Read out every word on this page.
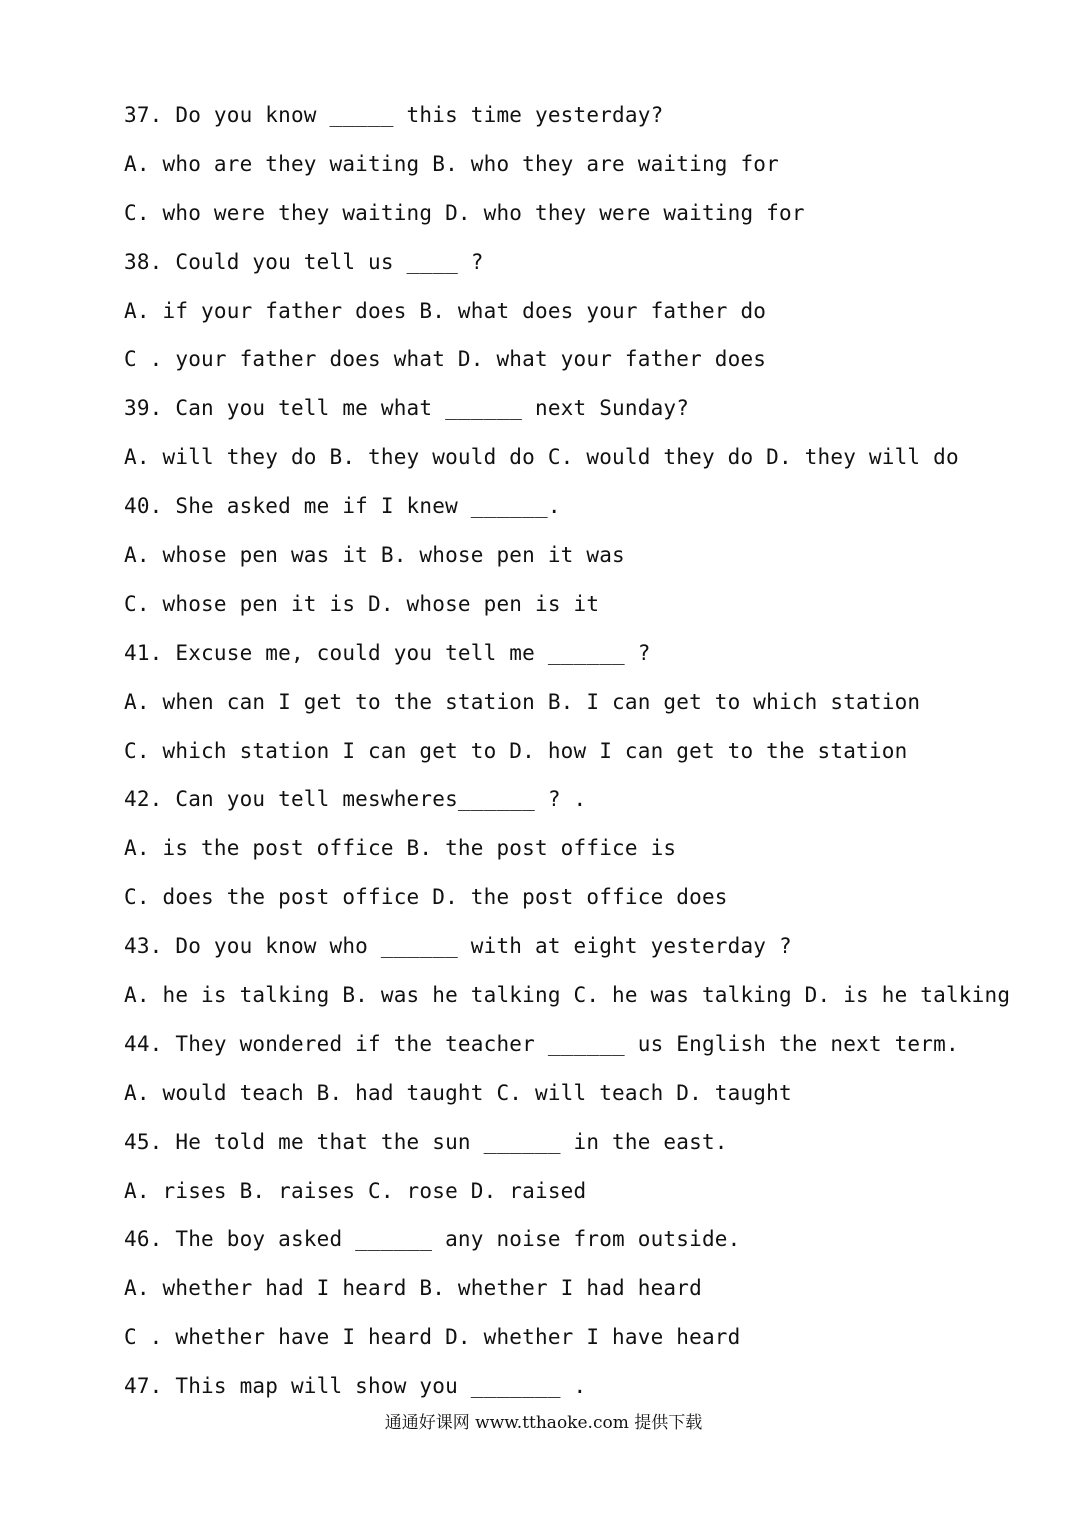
37. Do you know _____ this time yesterday?
A. who are they waiting B. who they are waiting for
C. who were they waiting D. who they were waiting for
38. Could you tell us ____ ?
A. if your father does B. what does your father do
C . your father does what D. what your father does
39. Can you tell me what ______ next Sunday?
A. will they do B. they would do C. would they do D. they will do
40. She asked me if I knew ______.
A. whose pen was it B. whose pen it was
C. whose pen it is D. whose pen is it
41. Excuse me, could you tell me ______ ?
A. when can I get to the station B. I can get to which station
C. which station I can get to D. how I can get to the station
42. Can you tell meswheres______ ? .
A. is the post office B. the post office is
C. does the post office D. the post office does
43. Do you know who ______ with at eight yesterday ?
A. he is talking B. was he talking C. he was talking D. is he talking
44. They wondered if the teacher ______ us English the next term.
A. would teach B. had taught C. will teach D. taught
45. He told me that the sun ______ in the east.
A. rises B. raises C. rose D. raised
46. The boy asked ______ any noise from outside.
A. whether had I heard B. whether I had heard
C . whether have I heard D. whether I have heard
47. This map will show you _______ .
通通好课网 www.tthaoke.com 提供下载
